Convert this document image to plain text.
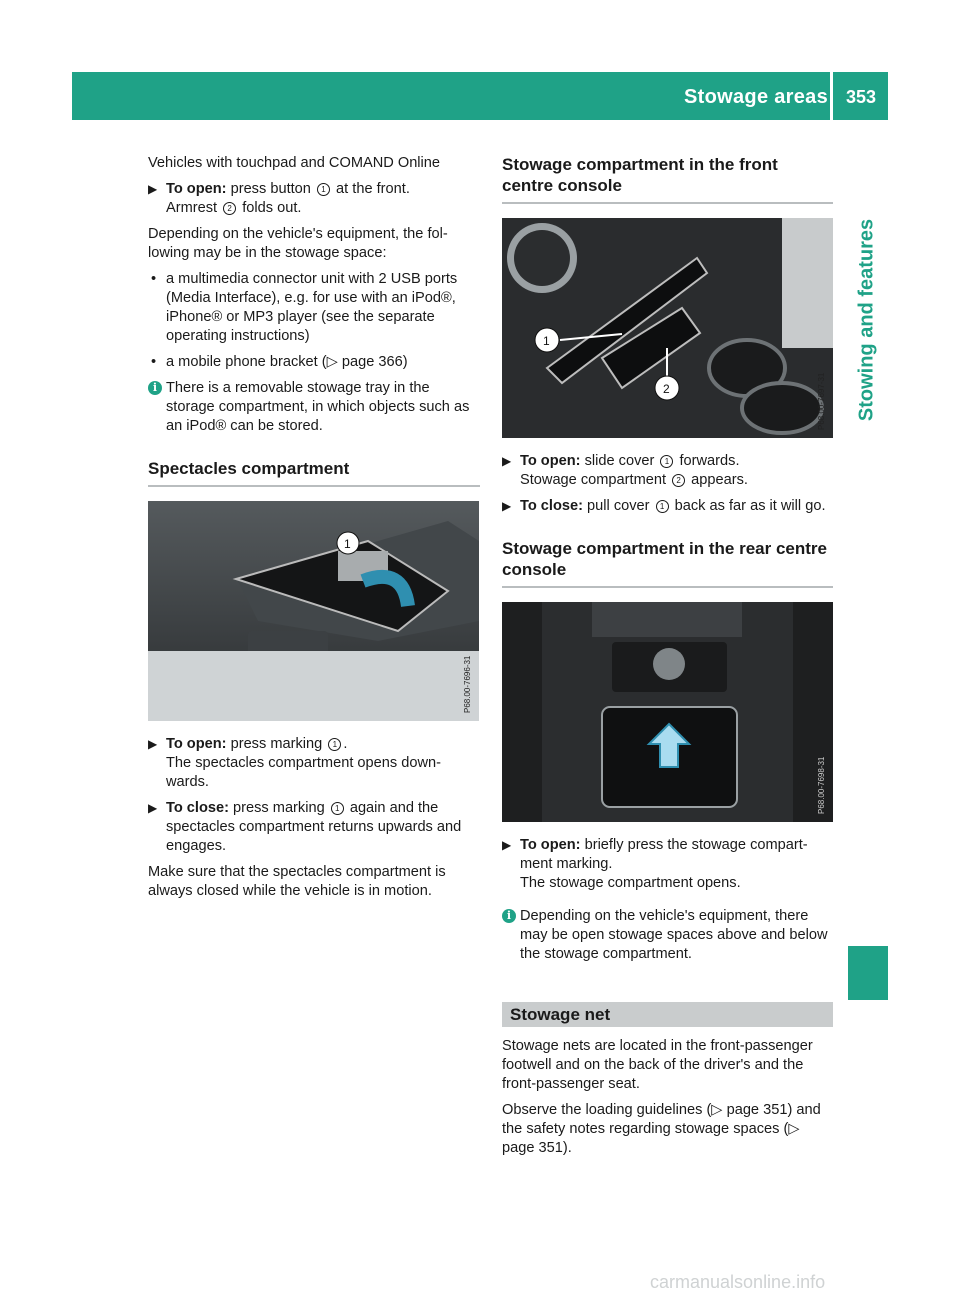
Stowage areas 353
Stowing and features

Vehicles with touchpad and COMAND Online

▶ To open: press button 1 at the front.
Armrest 2 folds out.

Depending on the vehicle's equipment, the fol-lowing may be in the stowage space:

• a multimedia connector unit with 2 USB ports (Media Interface), e.g. for use with an iPod®, iPhone® or MP3 player (see the separate operating instructions)
• a mobile phone bracket (▷ page 366)
i There is a removable stowage tray in the storage compartment, in which objects such as an iPod® can be stored.
Spectacles compartment
1
P68.00-7696-31
▶ To open: press marking 1 .
The spectacles compartment opens down-wards.
▶ To close: press marking 1 again and the spectacles compartment returns upwards and engages.

Make sure that the spectacles compartment is always closed while the vehicle is in motion.

Stowage compartment in the front centre console
1
2	P68.00-7697-31
▶ To open: slide cover 1 forwards.
Stowage compartment 2 appears.
▶ To close: pull cover 1 back as far as it will go.
Stowage compartment in the rear centre console
P68.00-7698-31
▶ To open: briefly press the stowage compart-ment marking.
The stowage compartment opens.
i Depending on the vehicle's equipment, there may be open stowage spaces above and below the stowage compartment.
Stowage net

Stowage nets are located in the front-passenger footwell and on the back of the driver's and the front-passenger seat.

Observe the loading guidelines (▷ page 351) and the safety notes regarding stowage spaces (▷ page 351).

carmanualsonline.info
